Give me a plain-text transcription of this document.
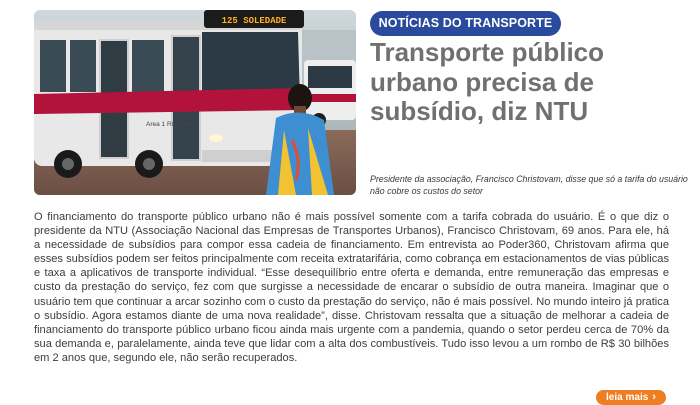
125 SOLEDADE
Area 1 Riachuelo
NOTÍCIAS DO TRANSPORTE
Transporte público urbano precisa de subsídio, diz NTU

Presidente da associação, Francisco Christovam, disse que só a tarifa do usuário não cobre os custos do setor

O financiamento do transporte público urbano não é mais possível somente com a tarifa cobrada do usuário. É o que diz o presidente da NTU (Associação Nacional das Empresas de Transportes Urbanos), Francisco Christovam, 69 anos. Para ele, há a necessidade de subsídios para compor essa cadeia de financiamento. Em entrevista ao Poder360, Christovam afirma que esses subsídios podem ser feitos principalmente com receita extratarifária, como cobrança em estacionamentos de vias públicas e taxa a aplicativos de transporte individual. “Esse desequilíbrio entre oferta e demanda, entre remuneração das empresas e custo da prestação do serviço, fez com que surgisse a necessidade de encarar o subsídio de outra maneira. Imaginar que o usuário tem que continuar a arcar sozinho com o custo da prestação do serviço, não é mais possível. No mundo inteiro já pratica o subsídio. Agora estamos diante de uma nova realidade”, disse. Christovam ressalta que a situação de melhorar a cadeia de financiamento do transporte público urbano ficou ainda mais urgente com a pandemia, quando o setor perdeu cerca de 70% da sua demanda e, paralelamente, ainda teve que lidar com a alta dos combustíveis. Tudo isso levou a um rombo de R$ 30 bilhões em 2 anos que, segundo ele, não serão recuperados.

leia mais ›
